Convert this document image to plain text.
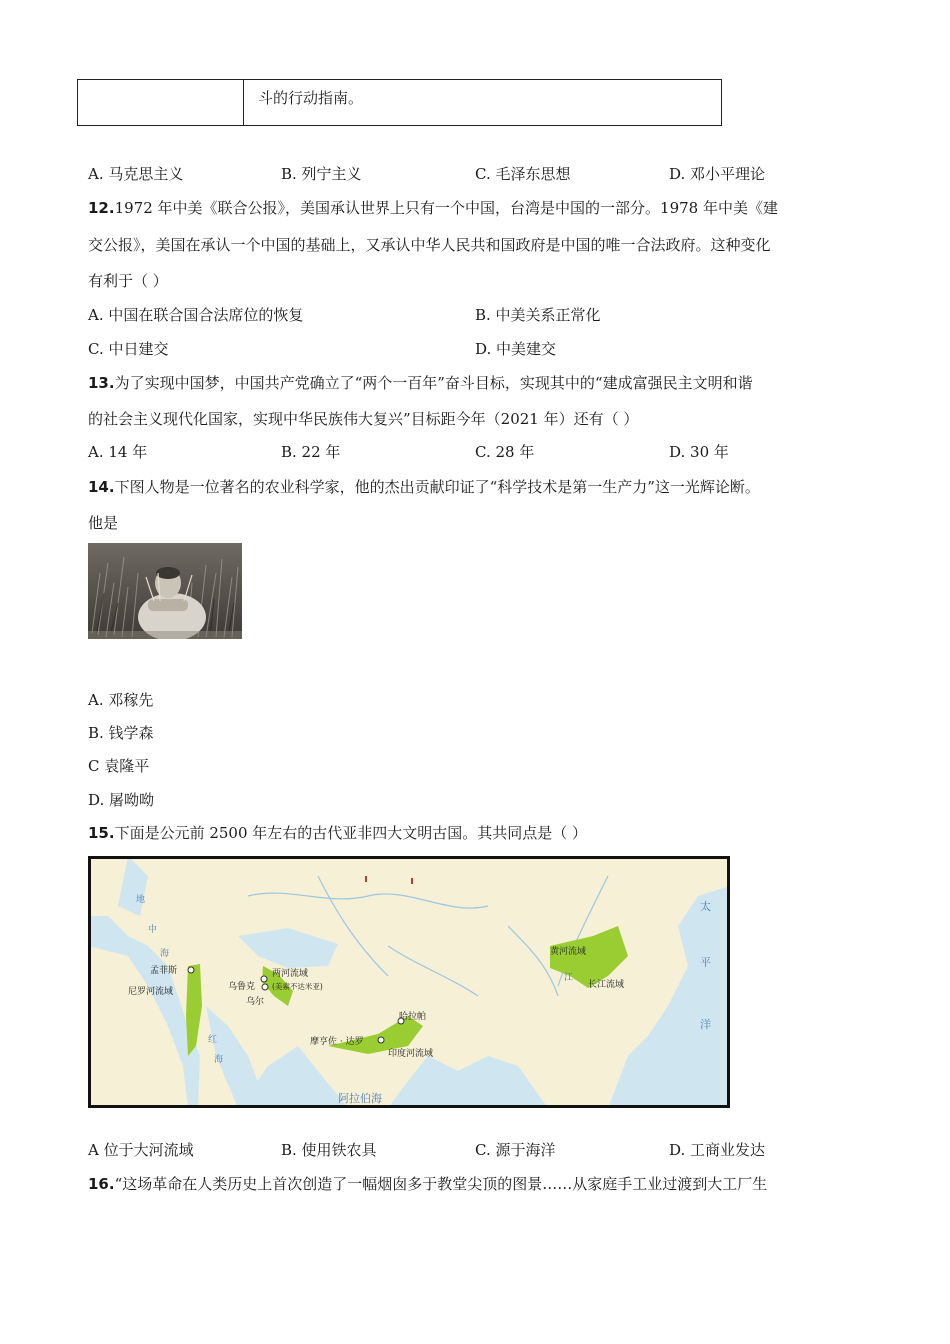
斗的行动指南。
A. 马克思主义	B. 列宁主义	C. 毛泽东思想	D. 邓小平理论
12.1972 年中美《联合公报》，美国承认世界上只有一个中国，台湾是中国的一部分。1978 年中美《建
交公报》，美国在承认一个中国的基础上，又承认中华人民共和国政府是中国的唯一合法政府。这种变化
有利于（ ）
A. 中国在联合国合法席位的恢复	B. 中美关系正常化
C. 中日建交	D. 中美建交
13.为了实现中国梦，中国共产党确立了“两个一百年”奋斗目标，实现其中的“建成富强民主文明和谐
的社会主义现代化国家，实现中华民族伟大复兴”目标距今年（2021 年）还有（ ）
A. 14 年	B. 22 年	C. 28 年	D. 30 年
14.下图人物是一位著名的农业科学家，他的杰出贡献印证了“科学技术是第一生产力”这一光辉论断。
他是
A. 邓稼先
B. 钱学森
C 袁隆平
D. 屠呦呦
15.下面是公元前 2500 年左右的古代亚非四大文明古国。其共同点是（ ）
孟菲斯
尼罗河流域	乌鲁克
乌尔
两河流域
(美索不达米亚)
哈拉帕
摩亨佐 · 达罗
印度河流域
黄河流域
长江流域
江
阿拉伯海
太
平
洋
地
中
海
红
海
A 位于大河流域	B. 使用铁农具	C. 源于海洋	D. 工商业发达
16.“这场革命在人类历史上首次创造了一幅烟囱多于教堂尖顶的图景……从家庭手工业过渡到大工厂生
